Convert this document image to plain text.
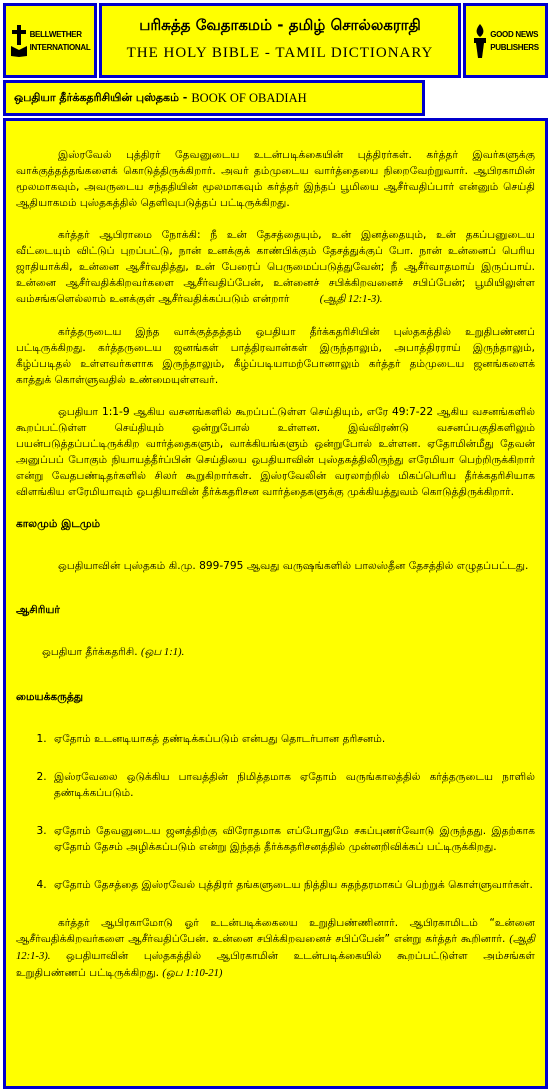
BELLWETHER
INTERNATIONAL
பரிசுத்த வேதாகமம் - தமிழ் சொல்லகராதி
THE HOLY BIBLE - TAMIL DICTIONARY
GOOD NEWS
PUBLISHERS
ஒபதியா தீர்க்கதரிசியின் புஸ்தகம் - BOOK OF OBADIAH

இஸ்ரவேல் புத்திரர் தேவனுடைய உடன்படிக்கையின் புத்திரர்கள். கர்த்தர் இவர்களுக்கு வாக்குத்தத்தங்களைக் கொடுத்திருக்கிறார். அவர் தம்முடைய வார்த்தையை நிறைவேற்றுவார். ஆபிரகாமின் மூலமாகவும், அவருடைய சந்ததியின் மூலமாகவும் கர்த்தர் இந்தப் பூமியை ஆசீர்வதிப்பார் என்னும் செய்தி ஆதியாகமம் புஸ்தகத்தில் தெளிவுபடுத்தப் பட்டிருக்கிறது.

கர்த்தர் ஆபிராமை நோக்கி: நீ உன் தேசத்தையும், உன் இனத்தையும், உன் தகப்பனுடைய வீட்டையும் விட்டுப் புறப்பட்டு, நான் உனக்குக் காண்பிக்கும் தேசத்துக்குப் போ. நான் உன்னைப் பெரிய ஜாதியாக்கி, உன்னை ஆசீர்வதித்து, உன் பேரைப் பெருமைப்படுத்துவேன்; நீ ஆசீர்வாதமாய் இருப்பாய். உன்னை ஆசீர்வதிக்கிறவர்களை ஆசீர்வதிப்பேன், உன்னைச் சபிக்கிறவனைச் சபிப்பேன்; பூமியிலுள்ள வம்சங்களெல்லாம் உனக்குள் ஆசீர்வதிக்கப்படும் என்றார்	(ஆதி 12:1-3).

கர்த்தருடைய இந்த வாக்குத்தத்தம் ஒபதியா தீர்க்கதரிசியின் புஸ்தகத்தில் உறுதிபண்ணப் பட்டிருக்கிறது. கர்த்தருடைய ஜனங்கள் பாத்திரவான்கள் இருந்தாலும், அபாத்திரராய் இருந்தாலும், கீழ்ப்படிதல் உள்ளவர்களாக இருந்தாலும், கீழ்ப்படியாமற்போனாலும் கர்த்தர் தம்முடைய ஜனங்களைக் காத்துக் கொள்ளுவதில் உண்மையுள்ளவர்.

ஒபதியா 1:1-9 ஆகிய வசனங்களில் கூறப்பட்டுள்ள செய்தியும், எரே 49:7-22 ஆகிய வசனங்களில் கூறப்பட்டுள்ள செய்தியும் ஒன்றுபோல் உள்ளன. இவ்விரண்டு வசனப்பகுதிகளிலும் பயன்படுத்தப்பட்டிருக்கிற வார்த்தைகளும், வாக்கியங்களும் ஒன்றுபோல் உள்ளன. ஏதோமின்மீது தேவன் அனுப்பப் போகும் நியாயத்தீர்ப்பின் செய்தியை ஒபதியாவின் புஸ்தகத்திலிருந்து எரேமியா பெற்றிருக்கிறார் என்று வேதபண்டிதர்களில் சிலர் கூறுகிறார்கள். இஸ்ரவேலின் வரலாற்றில் மிகப்பெரிய தீர்க்கதரிசியாக விளங்கிய எரேமியாவும் ஒபதியாவின் தீர்க்கதரிசன வார்த்தைகளுக்கு முக்கியத்துவம் கொடுத்திருக்கிறார்.

காலமும் இடமும்

ஒபதியாவின் புஸ்தகம் கி.மு. 899-795 ஆவது வருஷங்களில் பாலஸ்தீன தேசத்தில் எழுதப்பட்டது.

ஆசிரியர்

ஒபதியா தீர்க்கதரிசி. (ஒப 1:1).

மையக்கருத்து
1. ஏதோம் உடனடியாகத் தண்டிக்கப்படும் என்பது தொடர்பான தரிசனம்.
2. இஸ்ரவேலை ஒடுக்கிய பாவத்தின் நிமித்தமாக ஏதோம் வருங்காலத்தில் கர்த்தருடைய நாளில் தண்டிக்கப்படும்.
3. ஏதோம் தேவனுடைய ஜனத்திற்கு விரோதமாக எப்போதுமே சகப்புணர்வோடு இருந்தது. இதற்காக ஏதோம் தேசம் அழிக்கப்படும் என்று இந்தத் தீர்க்கதரிசனத்தில் முன்னறிவிக்கப் பட்டிருக்கிறது.
4. ஏதோம் தேசத்தை இஸ்ரவேல் புத்திரர் தங்களுடைய நித்திய சுதந்தரமாகப் பெற்றுக் கொள்ளுவார்கள்.

கர்த்தர் ஆபிரகாமோடு ஓர் உடன்படிக்கையை உறுதிபண்ணினார். ஆபிரகாமிடம் “உன்னை ஆசீர்வதிக்கிறவர்களை ஆசீர்வதிப்பேன். உன்னை சபிக்கிறவனைச் சபிப்பேன்” என்று கர்த்தர் கூறினார். (ஆதி 12:1-3). ஒபதியாவின் புஸ்தகத்தில் ஆபிரகாமின் உடன்படிக்கையில் கூறப்பட்டுள்ள அம்சங்கள் உறுதிபண்ணப் பட்டிருக்கிறது. (ஒப 1:10-21)
